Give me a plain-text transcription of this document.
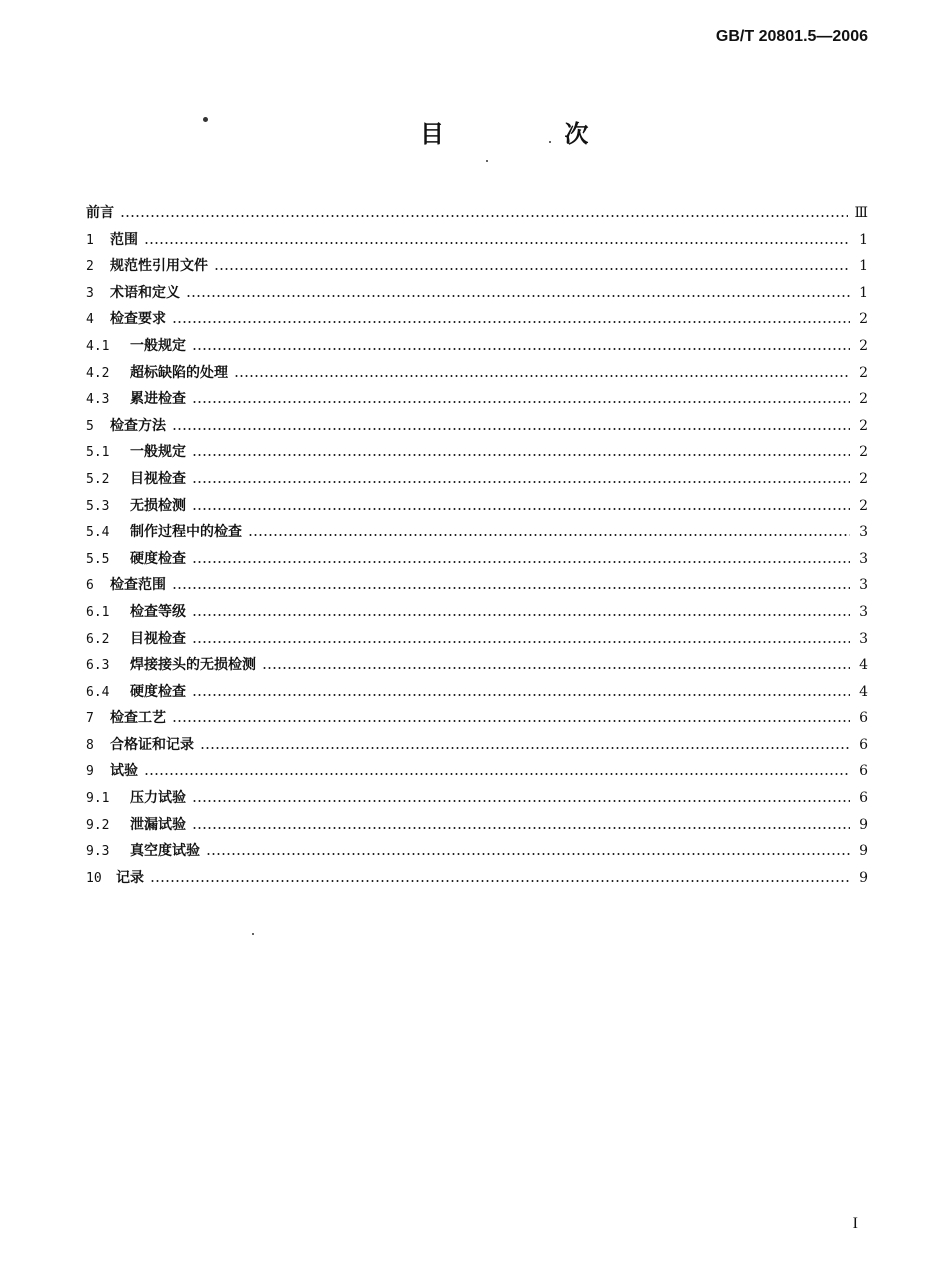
GB/T 20801.5—2006
目 次
前言	Ⅲ
1	范围	1
2	规范性引用文件	1
3	术语和定义	1
4	检查要求	2
4.1	一般规定	2
4.2	超标缺陷的处理	2
4.3	累进检查	2
5	检查方法	2
5.1	一般规定	2
5.2	目视检查	2
5.3	无损检测	2
5.4	制作过程中的检查	3
5.5	硬度检查	3
6	检查范围	3
6.1	检查等级	3
6.2	目视检查	3
6.3	焊接接头的无损检测	4
6.4	硬度检查	4
7	检查工艺	6
8	合格证和记录	6
9	试验	6
9.1	压力试验	6
9.2	泄漏试验	9
9.3	真空度试验	9
10	记录	9
I
